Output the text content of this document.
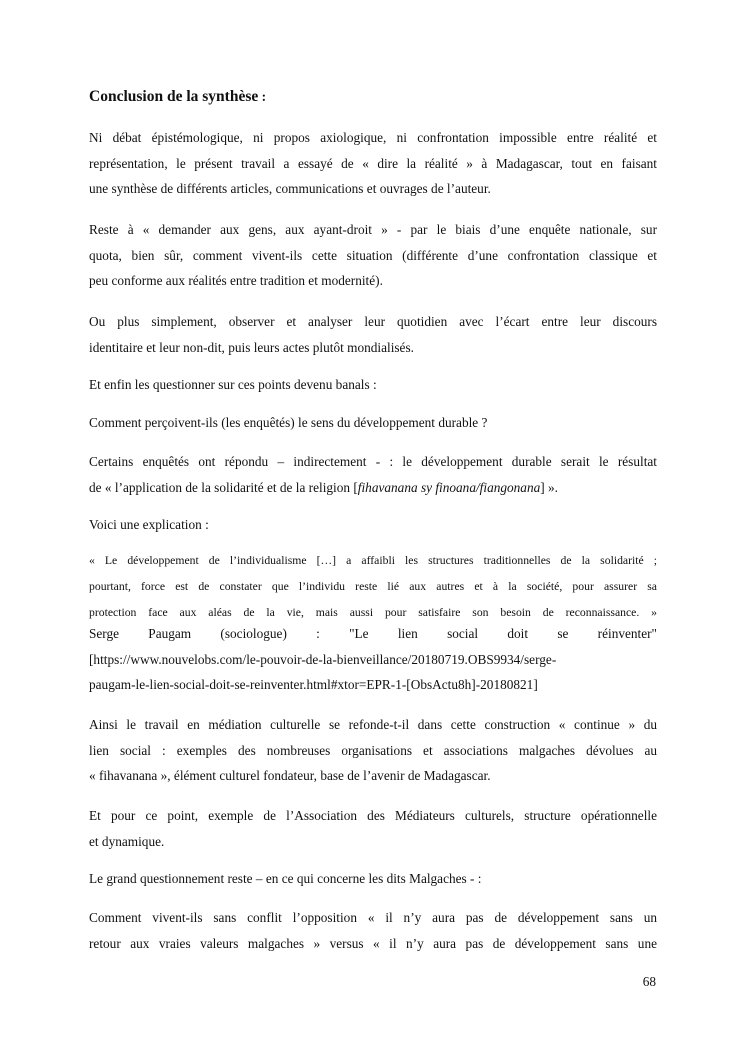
Conclusion de la synthèse :
Ni débat épistémologique, ni propos axiologique, ni confrontation impossible entre réalité et
représentation, le présent travail a essayé de « dire la réalité » à Madagascar, tout en faisant
une synthèse de différents articles, communications et ouvrages de l’auteur.
Reste à « demander aux gens, aux ayant-droit » - par le biais d’une enquête nationale, sur
quota, bien sûr, comment vivent-ils cette situation (différente d’une confrontation classique et
peu conforme aux réalités entre tradition et modernité).
Ou plus simplement, observer et analyser leur quotidien avec l’écart entre leur discours
identitaire et leur non-dit, puis leurs actes plutôt mondialisés.

Et enfin les questionner sur ces points devenu banals :

Comment perçoivent-ils (les enquêtés) le sens du développement durable ?

Certains enquêtés ont répondu – indirectement - : le développement durable serait le résultat
de « l’application de la solidarité et de la religion [fihavanana sy finoana/fiangonana] ».

Voici une explication :

« Le développement de l’individualisme […] a affaibli les structures traditionnelles de la solidarité ;
pourtant, force est de constater que l’individu reste lié aux autres et à la société, pour assurer sa
protection face aux aléas de la vie, mais aussi pour satisfaire son besoin de reconnaissance. »
Serge Paugam (sociologue) : "Le lien social doit se réinventer"
[https://www.nouvelobs.com/le-pouvoir-de-la-bienveillance/20180719.OBS9934/serge-
paugam-le-lien-social-doit-se-reinventer.html#xtor=EPR-1-[ObsActu8h]-20180821]
Ainsi le travail en médiation culturelle se refonde-t-il dans cette construction « continue » du
lien social : exemples des nombreuses organisations et associations malgaches dévolues au
« fihavanana », élément culturel fondateur, base de l’avenir de Madagascar.
Et pour ce point, exemple de l’Association des Médiateurs culturels, structure opérationnelle
et dynamique.

Le grand questionnement reste – en ce qui concerne les dits Malgaches - :

Comment vivent-ils sans conflit l’opposition « il n’y aura pas de développement sans un
retour aux vraies valeurs malgaches » versus « il n’y aura pas de développement sans une
68
